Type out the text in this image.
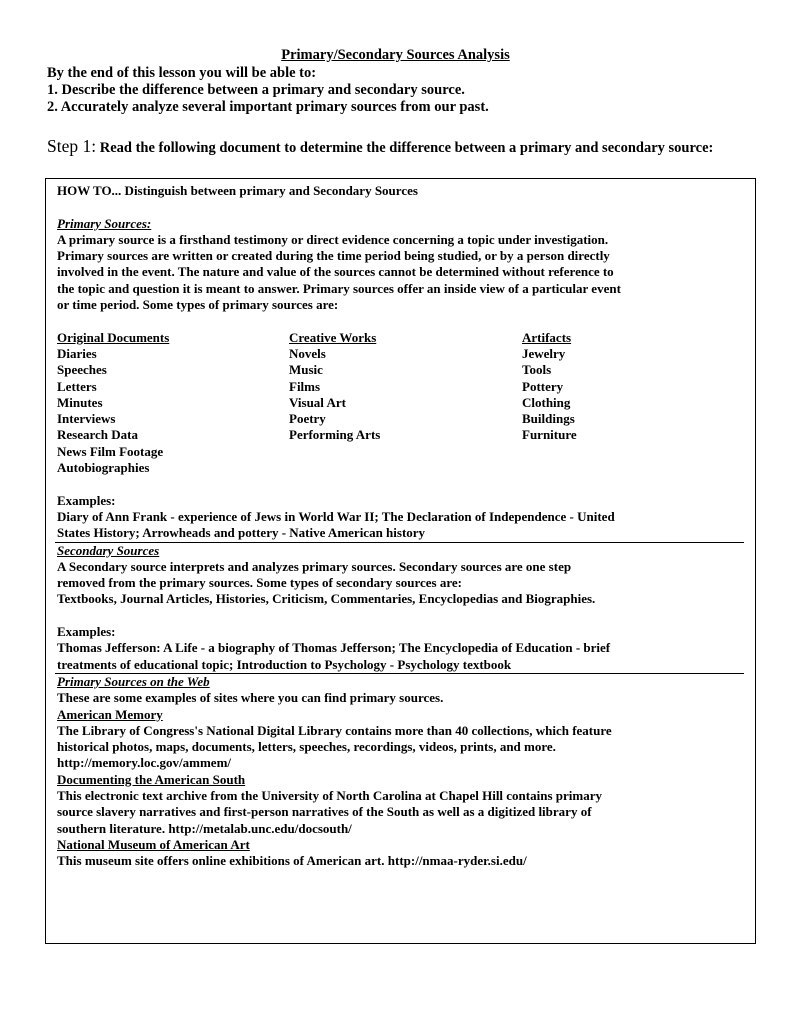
Primary/Secondary Sources Analysis
By the end of this lesson you will be able to:
1. Describe the difference between a primary and secondary source.
2. Accurately analyze several important primary sources from our past.
Step 1: Read the following document to determine the difference between a primary and secondary source:
HOW TO... Distinguish between primary and Secondary Sources
Primary Sources:
A primary source is a firsthand testimony or direct evidence concerning a topic under investigation.
Primary sources are written or created during the time period being studied, or by a person directly
involved in the event. The nature and value of the sources cannot be determined without reference to
the topic and question it is meant to answer. Primary sources offer an inside view of a particular event
or time period. Some types of primary sources are:
Original Documents
Diaries
Speeches
Letters
Minutes
Interviews
Research Data
News Film Footage
Autobiographies
Creative Works
Novels
Music
Films
Visual Art
Poetry
Performing Arts
Artifacts
Jewelry
Tools
Pottery
Clothing
Buildings
Furniture
Examples:
Diary of Ann Frank - experience of Jews in World War II; The Declaration of Independence - United
States History; Arrowheads and pottery - Native American history
Secondary Sources
A Secondary source interprets and analyzes primary sources. Secondary sources are one step
removed from the primary sources. Some types of secondary sources are:
Textbooks, Journal Articles, Histories, Criticism, Commentaries, Encyclopedias and Biographies.
Examples:
Thomas Jefferson: A Life - a biography of Thomas Jefferson; The Encyclopedia of Education - brief
treatments of educational topic; Introduction to Psychology - Psychology textbook
Primary Sources on the Web
These are some examples of sites where you can find primary sources.
American Memory
The Library of Congress's National Digital Library contains more than 40 collections, which feature
historical photos, maps, documents, letters, speeches, recordings, videos, prints, and more.
http://memory.loc.gov/ammem/
Documenting the American South
This electronic text archive from the University of North Carolina at Chapel Hill contains primary
source slavery narratives and first-person narratives of the South as well as a digitized library of
southern literature. http://metalab.unc.edu/docsouth/
National Museum of American Art
This museum site offers online exhibitions of American art. http://nmaa-ryder.si.edu/
